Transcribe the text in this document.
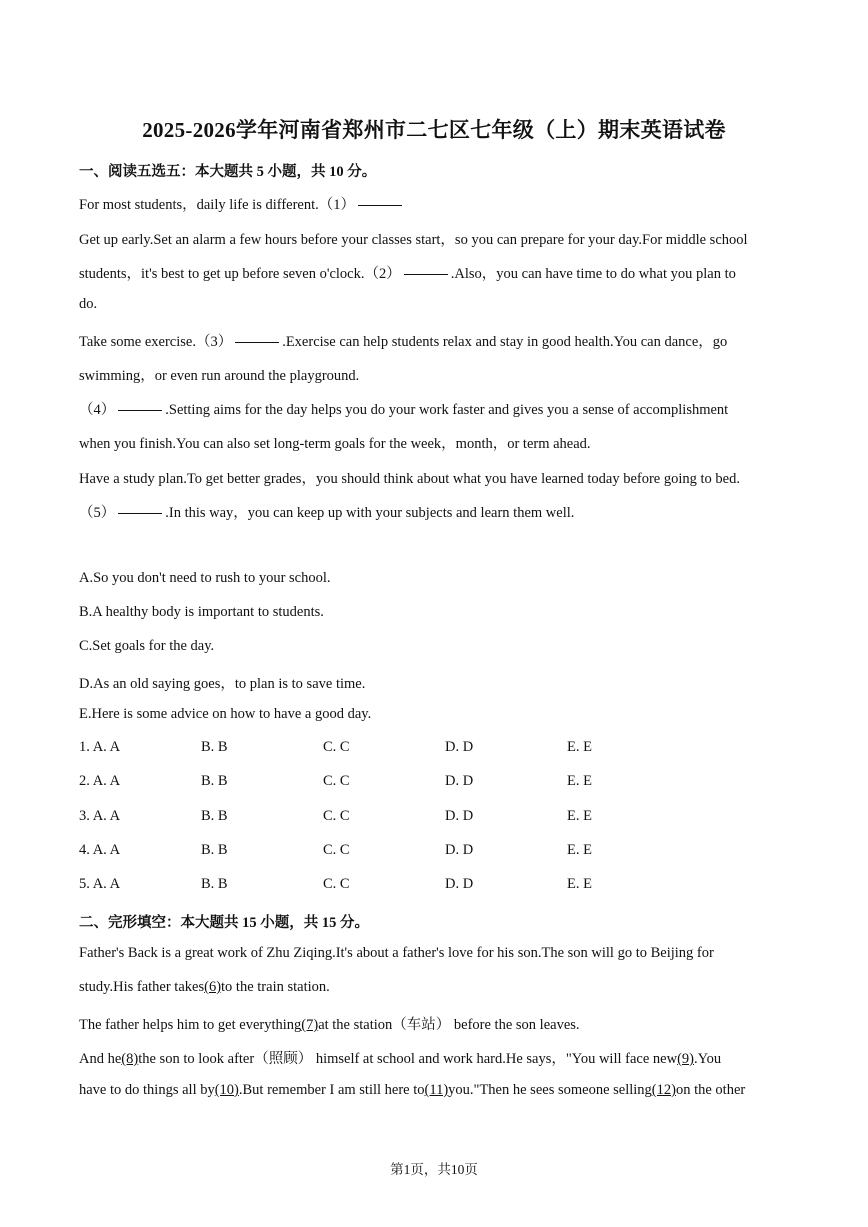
2025-2026学年河南省郑州市二七区七年级（上）期末英语试卷
一、阅读五选五：本大题共 5 小题，共 10 分。
For most students，daily life is different.（1）
Get up early.Set an alarm a few hours before your classes start，so you can prepare for your day.For middle school
students，it's best to get up before seven o'clock.（2）	.Also，you can have time to do what you plan to
do.
Take some exercise.（3）	.Exercise can help students relax and stay in good health.You can dance，go
swimming，or even run around the playground.
（4）	.Setting aims for the day helps you do your work faster and gives you a sense of accomplishment
when you finish.You can also set long-term goals for the week，month，or term ahead.
Have a study plan.To get better grades，you should think about what you have learned today before going to bed.
（5）	.In this way，you can keep up with your subjects and learn them well.
A.So you don't need to rush to your school.
B.A healthy body is important to students.
C.Set goals for the day.
D.As an old saying goes，to plan is to save time.
E.Here is some advice on how to have a good day.
1. A. A	B. B	C. C	D. D	E. E
2. A. A	B. B	C. C	D. D	E. E
3. A. A	B. B	C. C	D. D	E. E
4. A. A	B. B	C. C	D. D	E. E
5. A. A	B. B	C. C	D. D	E. E
二、完形填空：本大题共 15 小题，共 15 分。
Father's Back is a great work of Zhu Ziqing.It's about a father's love for his son.The son will go to Beijing for
study.His father takes(6)to the train station.
The father helps him to get everything(7)at the station（车站） before the son leaves.
And he(8)the son to look after（照顾） himself at school and work hard.He says，"You will face new(9).You
have to do things all by(10).But remember I am still here to(11)you."Then he sees someone selling(12)on the other
第1页，共10页
